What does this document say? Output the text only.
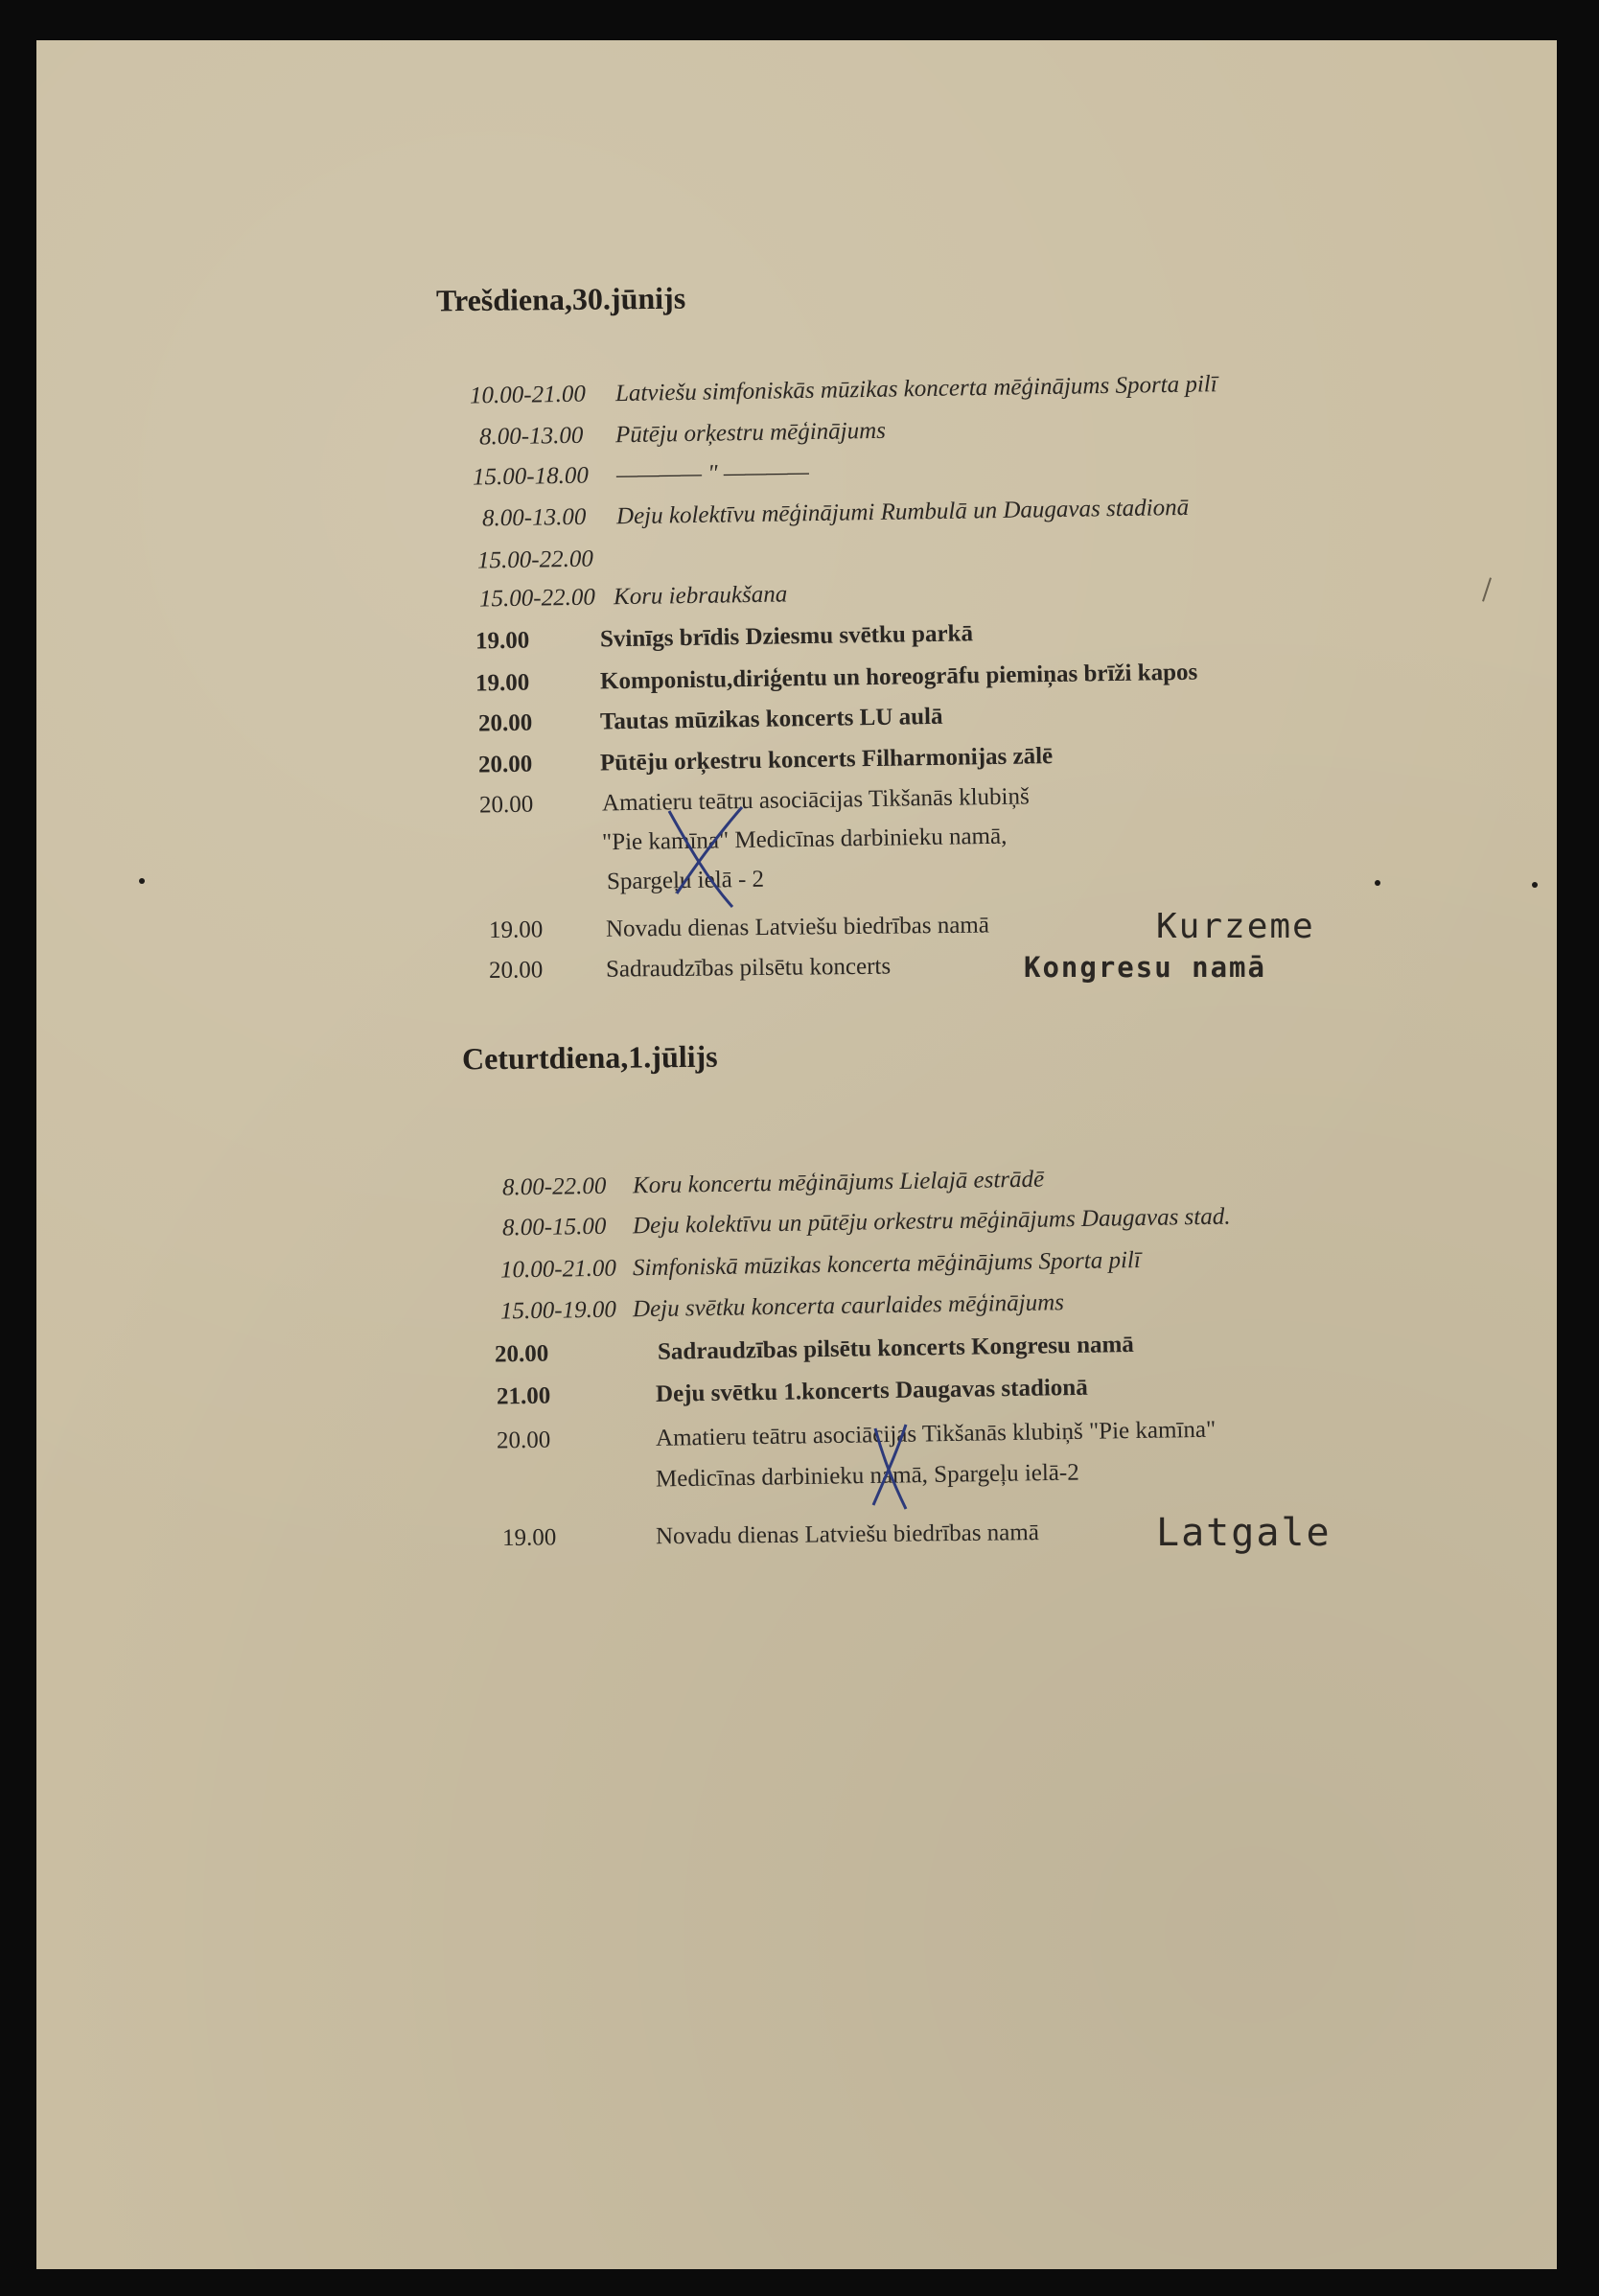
Trešdiena,30.jūnijs
10.00-21.00 Latviešu simfoniskās mūzikas koncerta mēģinājums Sporta pilī
8.00-13.00 Pūtēju orķestru mēģinājums
15.00-18.00 ———— " ————
8.00-13.00 Deju kolektīvu mēģinājumi Rumbulā un Daugavas stadionā
15.00-22.00
15.00-22.00 Koru iebraukšana
19.00	Svinīgs brīdis Dziesmu svētku parkā
19.00	Komponistu,diriģentu un horeogrāfu piemiņas brīži kapos
20.00	Tautas mūzikas koncerts LU aulā
20.00	Pūtēju orķestru koncerts Filharmonijas zālē
20.00	Amatieru teātru asociācijas Tikšanās klubiņš
"Pie kamīna" Medicīnas darbinieku namā,
Spargeļu ielā - 2
19.00	Novadu dienas Latviešu biedrības namā	Kurzeme
20.00	Sadraudzības pilsētu koncerts	Kongresu namā
Ceturtdiena,1.jūlijs
8.00-22.00 Koru koncertu mēģinājums Lielajā estrādē
8.00-15.00 Deju kolektīvu un pūtēju orkestru mēģinājums Daugavas stad.
10.00-21.00 Simfoniskā mūzikas koncerta mēģinājums Sporta pilī
15.00-19.00 Deju svētku koncerta caurlaides mēģinājums
20.00	Sadraudzības pilsētu koncerts Kongresu namā
21.00	Deju svētku 1.koncerts Daugavas stadionā
20.00	Amatieru teātru asociācijas Tikšanās klubiņš "Pie kamīna"
Medicīnas darbinieku namā, Spargeļu ielā-2
19.00	Novadu dienas Latviešu biedrības namā	Latgale
